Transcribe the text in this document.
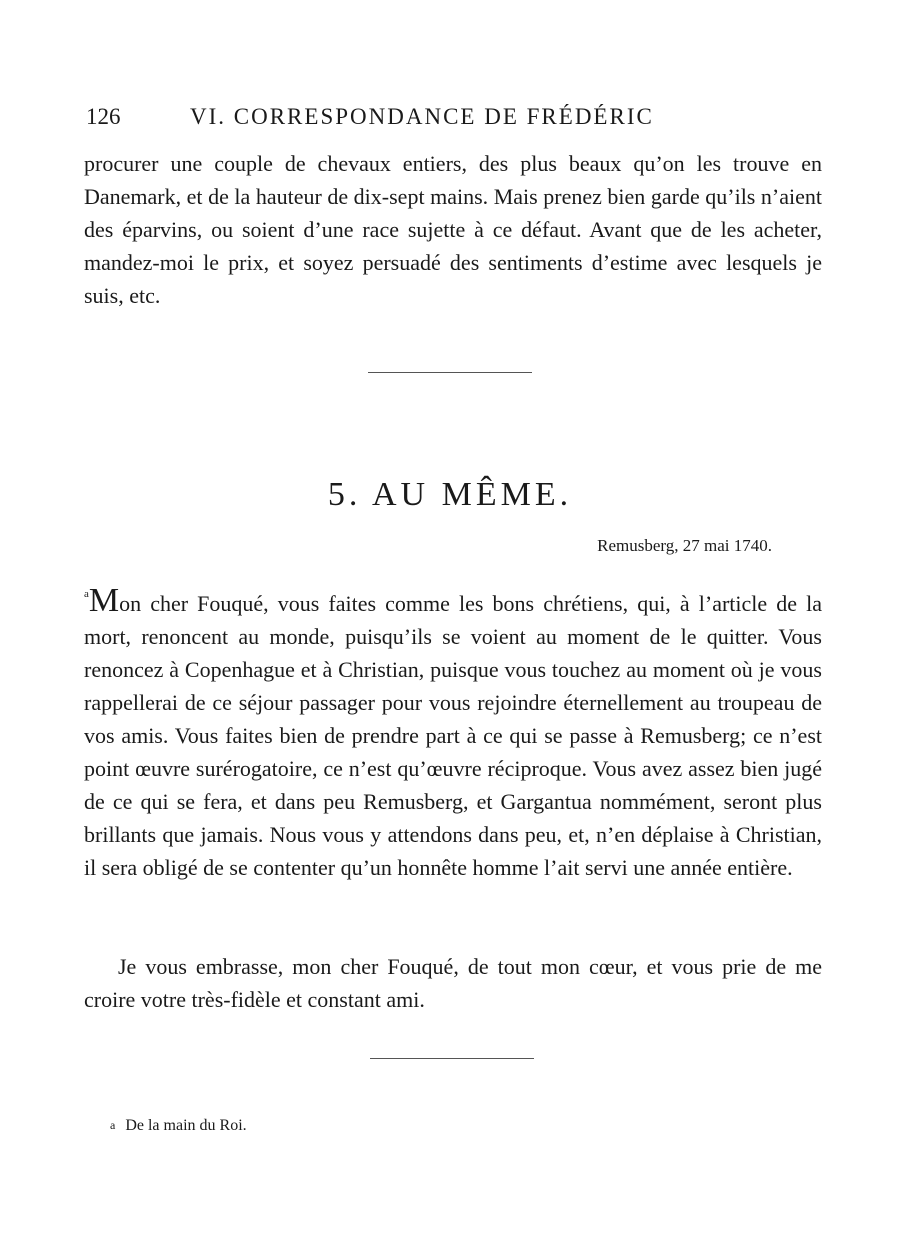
126	VI. CORRESPONDANCE DE FRÉDÉRIC

procurer une couple de chevaux entiers, des plus beaux qu’on les trouve en Danemark, et de la hauteur de dix-sept mains. Mais prenez bien garde qu’ils n’aient des éparvins, ou soient d’une race sujette à ce défaut. Avant que de les acheter, mandez-moi le prix, et soyez persuadé des sentiments d’estime avec lesquels je suis, etc.

5. AU MÊME.
Remusberg, 27 mai 1740.

$^a$Mon cher Fouqué, vous faites comme les bons chrétiens, qui, à l’article de la mort, renoncent au monde, puisqu’ils se voient au moment de le quitter. Vous renoncez à Copenhague et à Christian, puisque vous touchez au moment où je vous rappellerai de ce séjour passager pour vous rejoindre éternellement au troupeau de vos amis. Vous faites bien de prendre part à ce qui se passe à Remusberg; ce n’est point œuvre surérogatoire, ce n’est qu’œuvre réciproque. Vous avez assez bien jugé de ce qui se fera, et dans peu Remusberg, et Gargantua nommément, seront plus brillants que jamais. Nous vous y attendons dans peu, et, n’en déplaise à Christian, il sera obligé de se contenter qu’un honnête homme l’ait servi une année entière.

Je vous embrasse, mon cher Fouqué, de tout mon cœur, et vous prie de me croire votre très-fidèle et constant ami.

a De la main du Roi.
